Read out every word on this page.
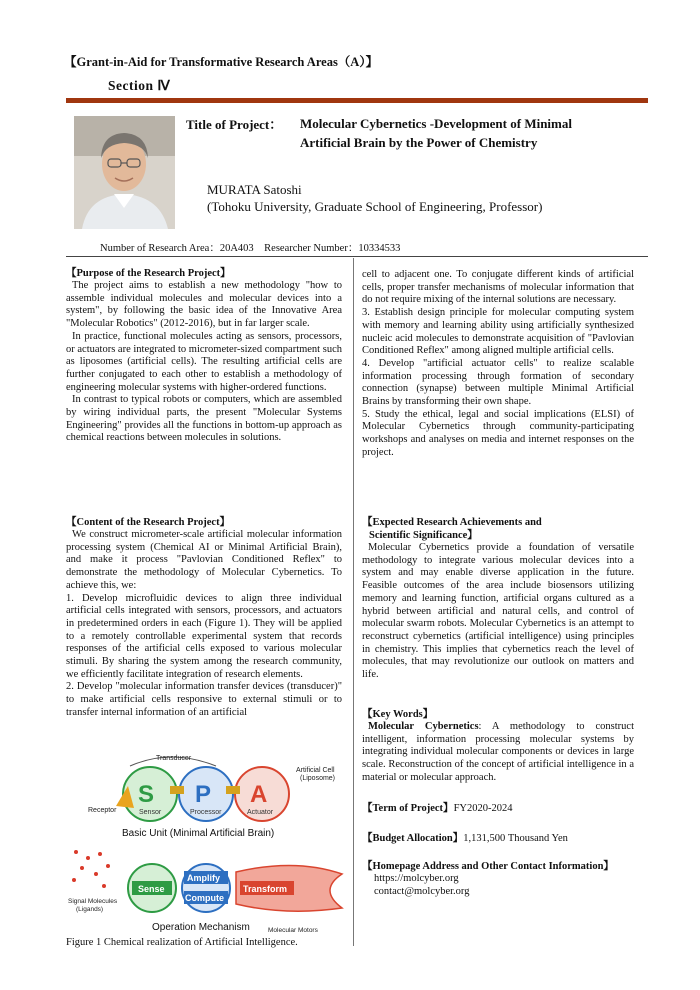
【Grant-in-Aid for Transformative Research Areas（A）】
Section Ⅳ
Title of Project： Molecular Cybernetics -Development of Minimal
Artificial Brain by the Power of Chemistry
MURATA Satoshi
(Tohoku University, Graduate School of Engineering, Professor)
Number of Research Area：20A403    Researcher Number：10334533
【Purpose of the Research Project】

The project aims to establish a new methodology "how to assemble individual molecules and molecular devices into a system", by following the basic idea of the Innovative Area "Molecular Robotics" (2012-2016), but in far larger scale.

In practice, functional molecules acting as sensors, processors, or actuators are integrated to micrometer-sized compartment such as liposomes (artificial cells). The resulting artificial cells are further conjugated to each other to establish a methodology of engineering molecular systems with higher-ordered functions.

In contrast to typical robots or computers, which are assembled by wiring individual parts, the present "Molecular Systems Engineering" provides all the functions in bottom-up approach as chemical reactions between molecules in solutions.

【Content of the Research Project】

We construct micrometer-scale artificial molecular information processing system (Chemical AI or Minimal Artificial Brain), and make it process "Pavlovian Conditioned Reflex" to demonstrate the methodology of Molecular Cybernetics. To achieve this, we:

1. Develop microfluidic devices to align three individual artificial cells integrated with sensors, processors, and actuators in predetermined orders in each (Figure 1). They will be applied to a remotely controllable experimental system that records responses of the artificial cells exposed to various molecular stimuli. By sharing the system among the research community, we efficiently facilitate integration of research elements.

2. Develop "molecular information transfer devices (transducer)" to make artificial cells responsive to external stimuli or to transfer internal information of an artificial

Transducer
Artificial Cell
(Liposome)
S P A
Sensor	Processor	Actuator
Receptor
Basic Unit (Minimal Artificial Brain)
Signal Molecules
(Ligands)
Sense
Amplify
Compute
Transform
Operation Mechanism	Molecular Motors
Figure 1 Chemical realization of Artificial Intelligence.

cell to adjacent one. To conjugate different kinds of artificial cells, proper transfer mechanisms of molecular information that do not require mixing of the internal solutions are necessary.

3. Establish design principle for molecular computing system with memory and learning ability using artificially synthesized nucleic acid molecules to demonstrate acquisition of "Pavlovian Conditioned Reflex" among aligned multiple artificial cells.

4. Develop "artificial actuator cells" to realize scalable information processing through formation of secondary connection (synapse) between multiple Minimal Artificial Brains by transforming their own shape.

5. Study the ethical, legal and social implications (ELSI) of Molecular Cybernetics through community-participating workshops and analyses on media and internet responses on the project.

【Expected Research Achievements and
Scientific Significance】

Molecular Cybernetics provide a foundation of versatile methodology to integrate various molecular devices into a system and may enable diverse application in the future. Feasible outcomes of the area include biosensors utilizing memory and learning function, artificial organs cultured as a hybrid between artificial and natural cells, and control of molecular swarm robots. Molecular Cybernetics is an attempt to reconstruct cybernetics (artificial intelligence) using principles in chemistry. This implies that cybernetics reach the level of molecules, that may revolutionize our outlook on matters and life.

【Key Words】

Molecular Cybernetics: A methodology to construct intelligent, information processing molecular systems by integrating individual molecular components or devices in large scale. Reconstruction of the concept of artificial intelligence in a material or molecular approach.

【Term of Project】FY2020-2024
【Budget Allocation】1,131,500 Thousand Yen
【Homepage Address and Other Contact Information】
https://molcyber.org
contact@molcyber.org
